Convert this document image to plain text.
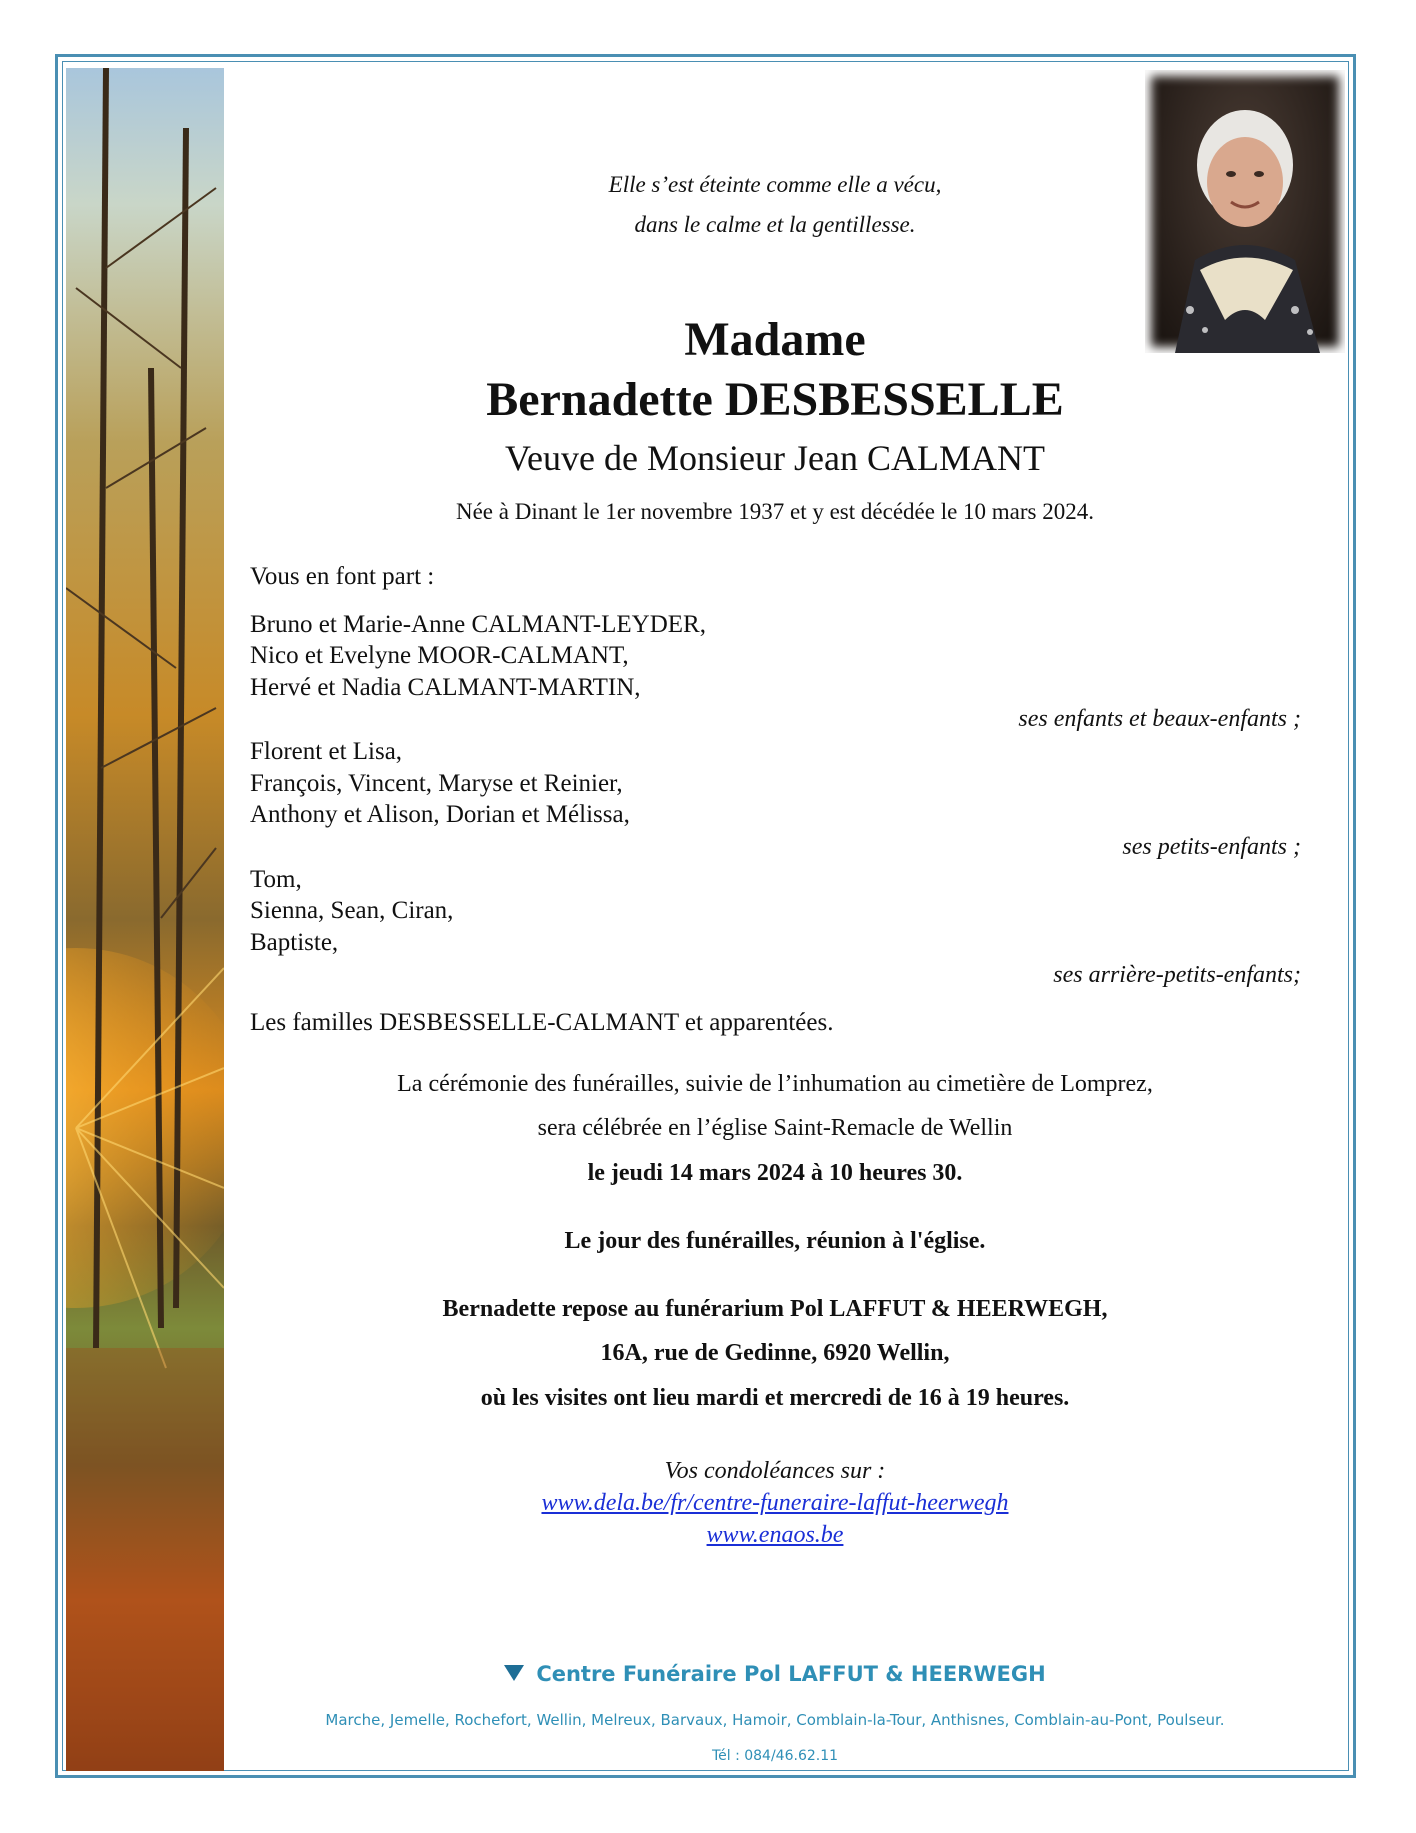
Elle s’est éteinte comme elle a vécu,
dans le calme et la gentillesse.
Madame
Bernadette DESBESSELLE
Veuve de Monsieur Jean CALMANT
Née à Dinant le 1er novembre 1937 et y est décédée le 10 mars 2024.
Vous en font part :
Bruno et Marie-Anne CALMANT-LEYDER,
Nico et Evelyne MOOR-CALMANT,
Hervé et Nadia CALMANT-MARTIN,
ses enfants et beaux-enfants ;
Florent et Lisa,
François, Vincent, Maryse et Reinier,
Anthony et Alison, Dorian et Mélissa,
ses petits-enfants ;
Tom,
Sienna, Sean, Ciran,
Baptiste,
ses arrière-petits-enfants;
Les familles DESBESSELLE-CALMANT et apparentées.
La cérémonie des funérailles, suivie de l’inhumation au cimetière de Lomprez,
sera célébrée en l’église Saint-Remacle de Wellin
le jeudi 14 mars 2024 à 10 heures 30.
Le jour des funérailles, réunion à l'église.
Bernadette repose au funérarium Pol LAFFUT & HEERWEGH,
16A, rue de Gedinne, 6920 Wellin,
où les visites ont lieu mardi et mercredi de 16 à 19 heures.
Vos condoléances sur :
www.dela.be/fr/centre-funeraire-laffut-heerwegh
www.enaos.be
Centre Funéraire Pol LAFFUT & HEERWEGH
Marche, Jemelle, Rochefort, Wellin, Melreux, Barvaux, Hamoir, Comblain-la-Tour, Anthisnes, Comblain-au-Pont, Poulseur.
Tél : 084/46.62.11
